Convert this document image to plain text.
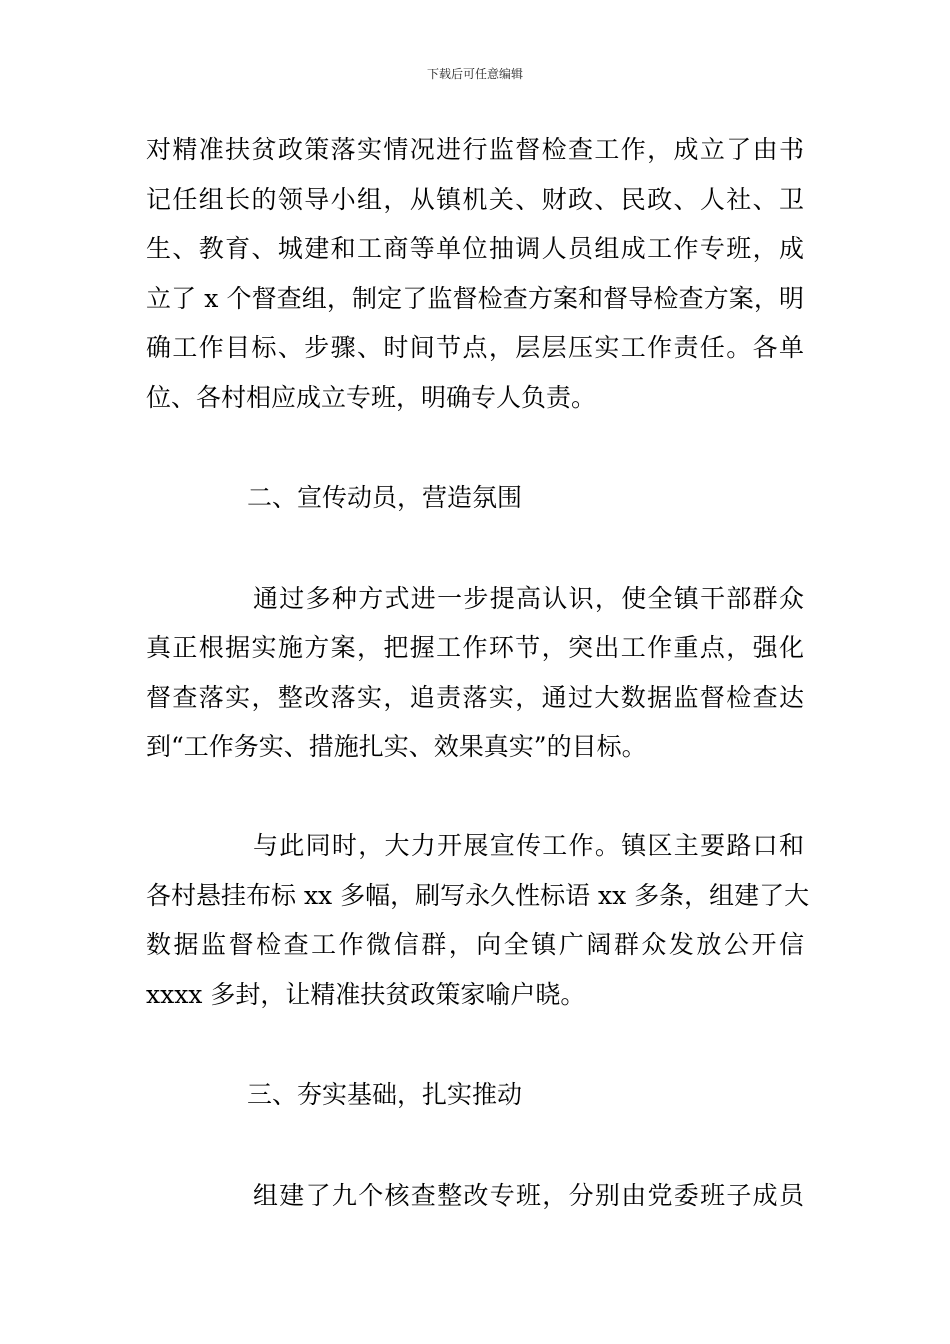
下载后可任意编辑
对精准扶贫政策落实情况进行监督检查工作，成立了由书
记任组长的领导小组，从镇机关、财政、民政、人社、卫
生、教育、城建和工商等单位抽调人员组成工作专班，成
立了 x 个督查组，制定了监督检查方案和督导检查方案，明
确工作目标、步骤、时间节点，层层压实工作责任。各单
位、各村相应成立专班，明确专人负责。
二、宣传动员，营造氛围
通过多种方式进一步提高认识，使全镇干部群众
真正根据实施方案，把握工作环节，突出工作重点，强化
督查落实，整改落实，追责落实，通过大数据监督检查达
到“工作务实、措施扎实、效果真实”的目标。
与此同时，大力开展宣传工作。镇区主要路口和
各村悬挂布标 xx 多幅，刷写永久性标语 xx 多条，组建了大
数据监督检查工作微信群，向全镇广阔群众发放公开信
xxxx 多封，让精准扶贫政策家喻户晓。
三、夯实基础，扎实推动
组建了九个核查整改专班，分别由党委班子成员
